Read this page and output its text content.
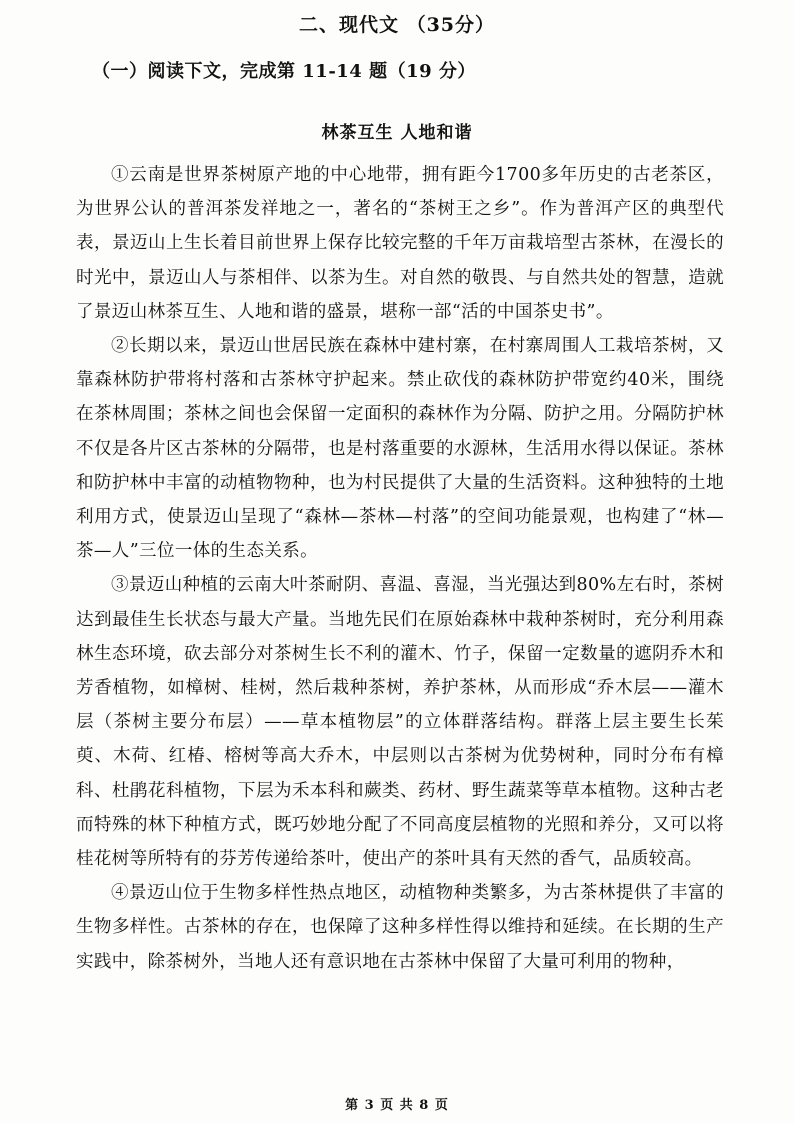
二、现代文 （35分）
（一）阅读下文，完成第 11-14 题（19 分）
林茶互生 人地和谐

①云南是世界茶树原产地的中心地带，拥有距今1700多年历史的古老茶区，为世界公认的普洱茶发祥地之一，著名的“茶树王之乡”。作为普洱产区的典型代表，景迈山上生长着目前世界上保存比较完整的千年万亩栽培型古茶林，在漫长的时光中，景迈山人与茶相伴、以茶为生。对自然的敬畏、与自然共处的智慧，造就了景迈山林茶互生、人地和谐的盛景，堪称一部“活的中国茶史书”。

②长期以来，景迈山世居民族在森林中建村寨，在村寨周围人工栽培茶树，又靠森林防护带将村落和古茶林守护起来。禁止砍伐的森林防护带宽约40米，围绕在茶林周围；茶林之间也会保留一定面积的森林作为分隔、防护之用。分隔防护林不仅是各片区古茶林的分隔带，也是村落重要的水源林，生活用水得以保证。茶林和防护林中丰富的动植物物种，也为村民提供了大量的生活资料。这种独特的土地利用方式，使景迈山呈现了“森林—茶林—村落”的空间功能景观，也构建了“林—茶—人”三位一体的生态关系。

③景迈山种植的云南大叶茶耐阴、喜温、喜湿，当光强达到80%左右时，茶树达到最佳生长状态与最大产量。当地先民们在原始森林中栽种茶树时，充分利用森林生态环境，砍去部分对茶树生长不利的灌木、竹子，保留一定数量的遮阴乔木和芳香植物，如樟树、桂树，然后栽种茶树，养护茶林，从而形成“乔木层——灌木层（茶树主要分布层）——草本植物层”的立体群落结构。群落上层主要生长茱萸、木荷、红椿、榕树等高大乔木，中层则以古茶树为优势树种，同时分布有樟科、杜鹃花科植物，下层为禾本科和蕨类、药材、野生蔬菜等草本植物。这种古老而特殊的林下种植方式，既巧妙地分配了不同高度层植物的光照和养分，又可以将桂花树等所特有的芬芳传递给茶叶，使出产的茶叶具有天然的香气，品质较高。

④景迈山位于生物多样性热点地区，动植物种类繁多，为古茶林提供了丰富的生物多样性。古茶林的存在，也保障了这种多样性得以维持和延续。在长期的生产实践中，除茶树外，当地人还有意识地在古茶林中保留了大量可利用的物种，

第 3 页 共 8 页
